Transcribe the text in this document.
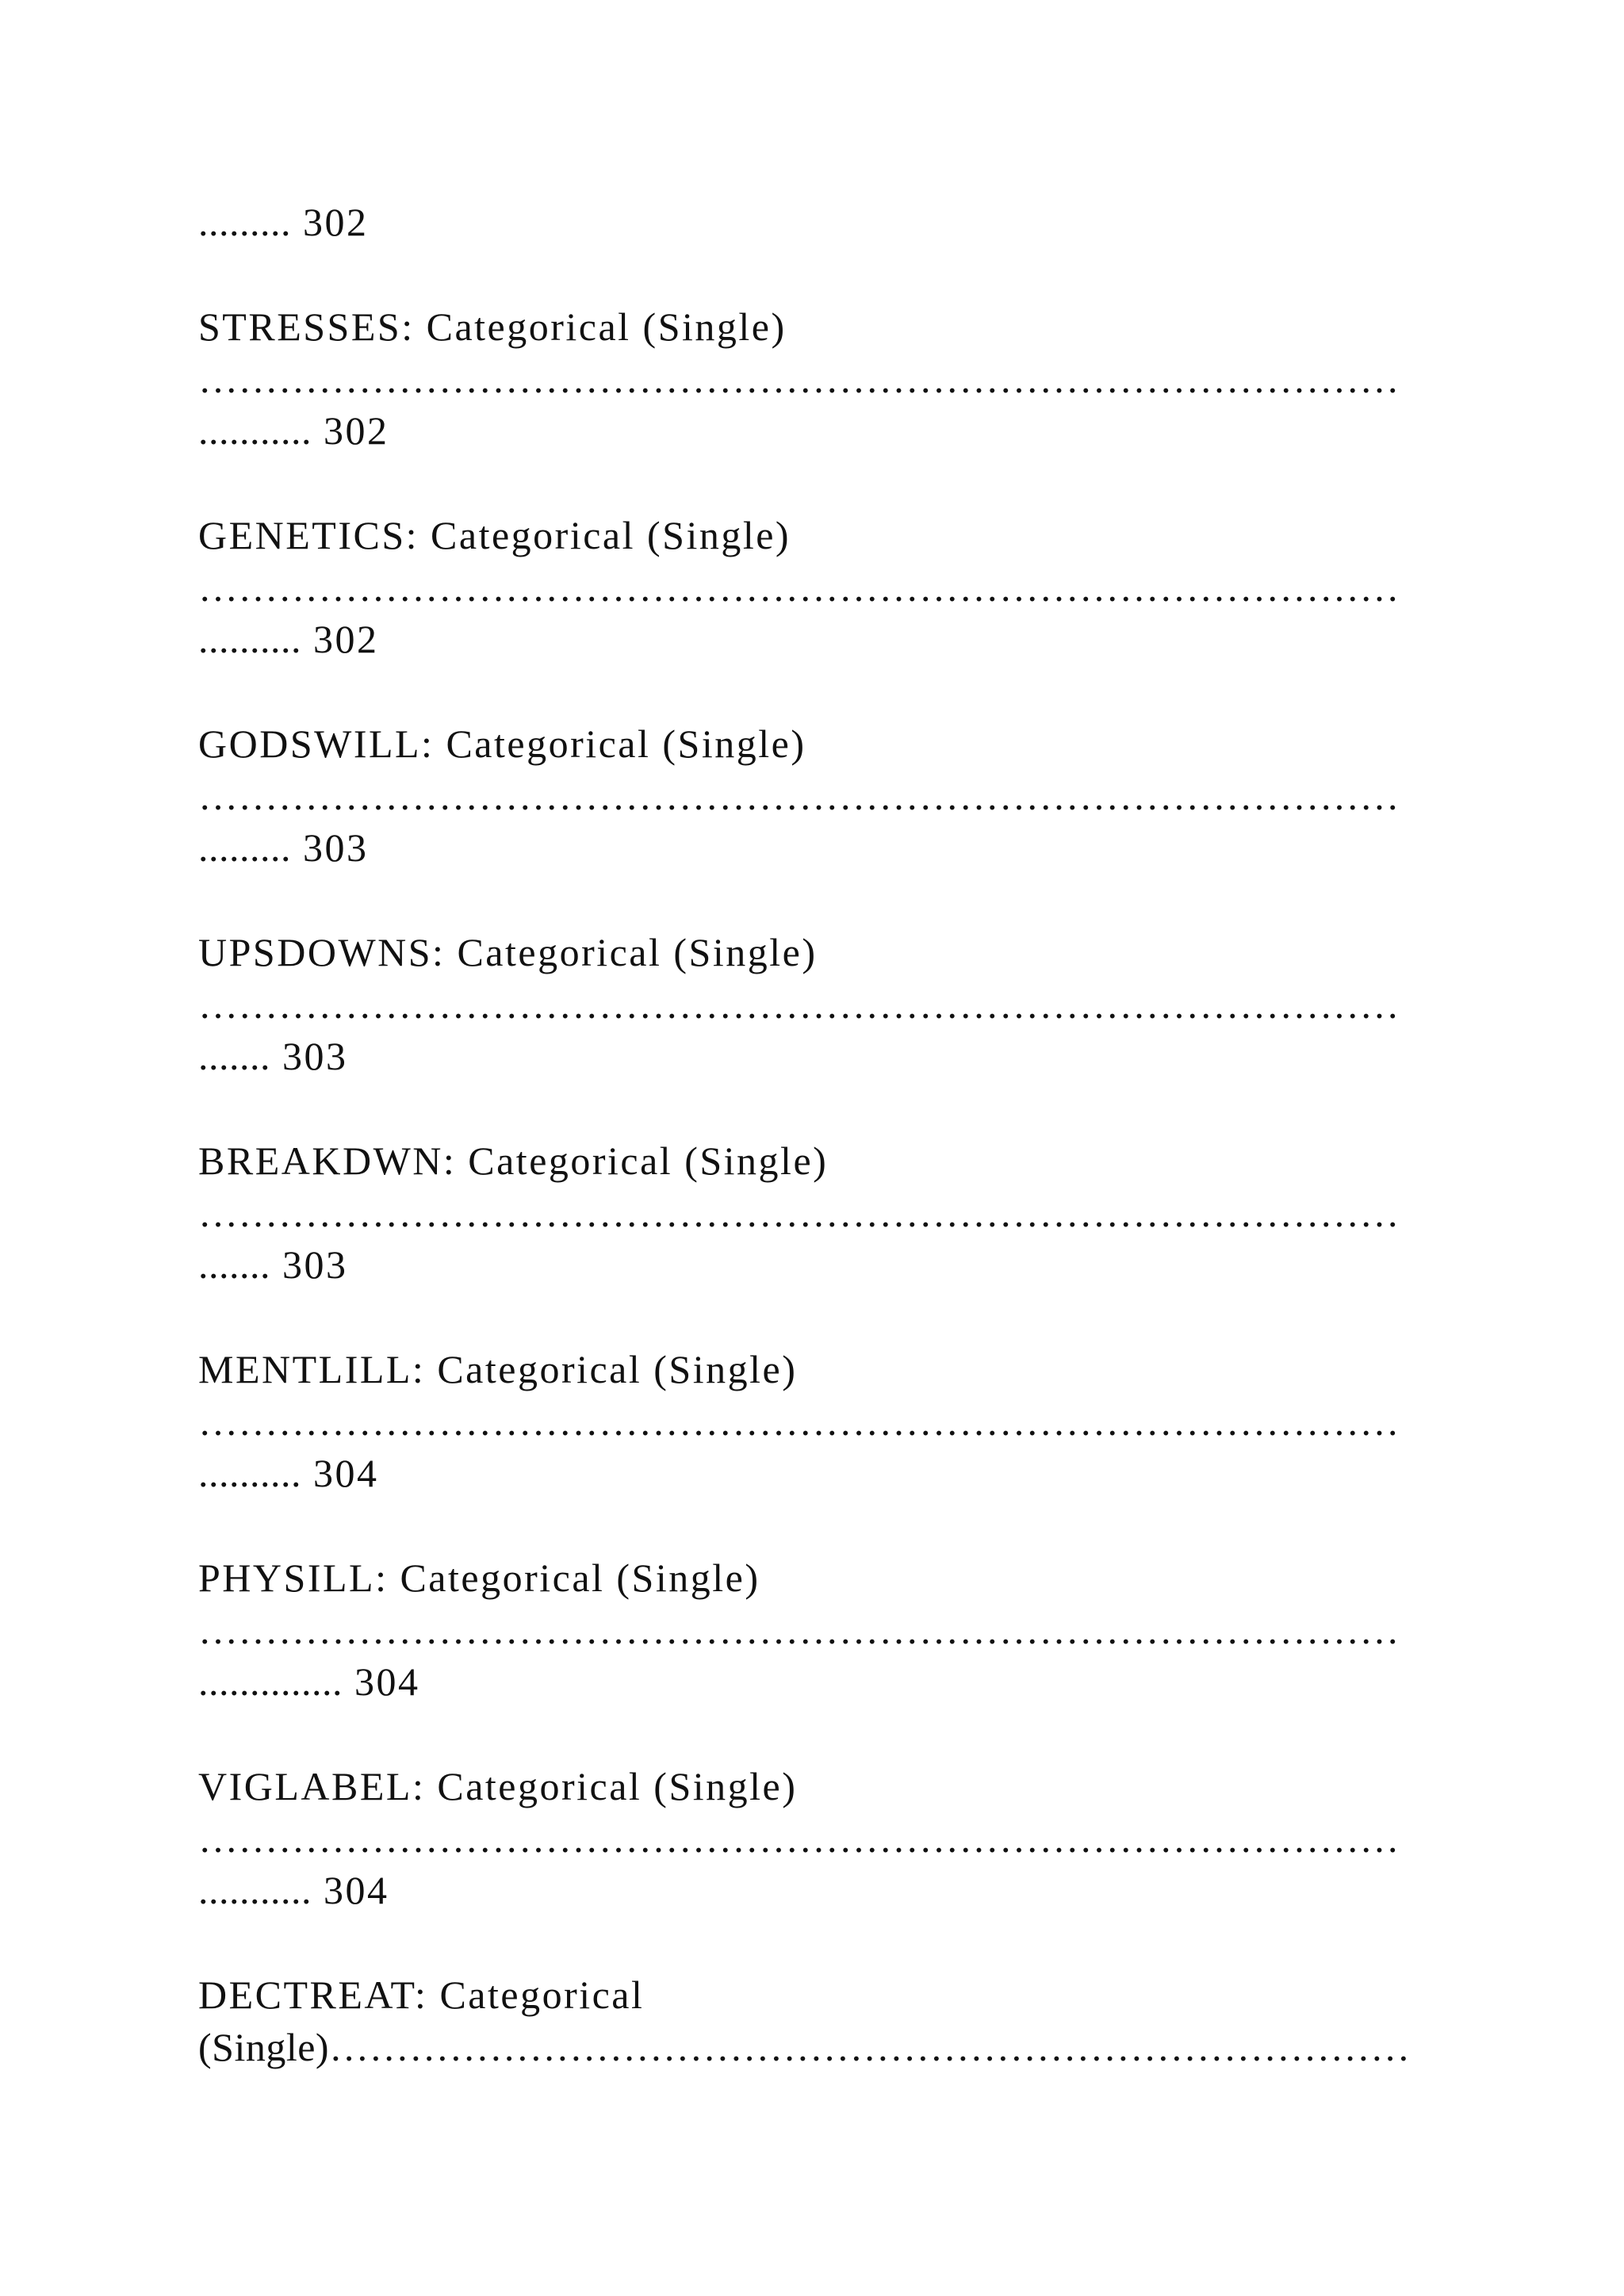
......... 302
STRESSES: Categorical (Single)
………………………………………………………………………………
........... 302
GENETICS: Categorical (Single)
………………………………………………………………………………
.......... 302
GODSWILL: Categorical (Single)
………………………………………………………………………………
......... 303
UPSDOWNS: Categorical (Single)
………………………………………………………………………………
....... 303
BREAKDWN: Categorical (Single)
………………………………………………………………………………
....... 303
MENTLILL: Categorical (Single)
………………………………………………………………………………
.......... 304
PHYSILL: Categorical (Single)
………………………………………………………………………………
.............. 304
VIGLABEL: Categorical (Single)
………………………………………………………………………………
........... 304
DECTREAT: Categorical
(Single)………………………………………………………………………
